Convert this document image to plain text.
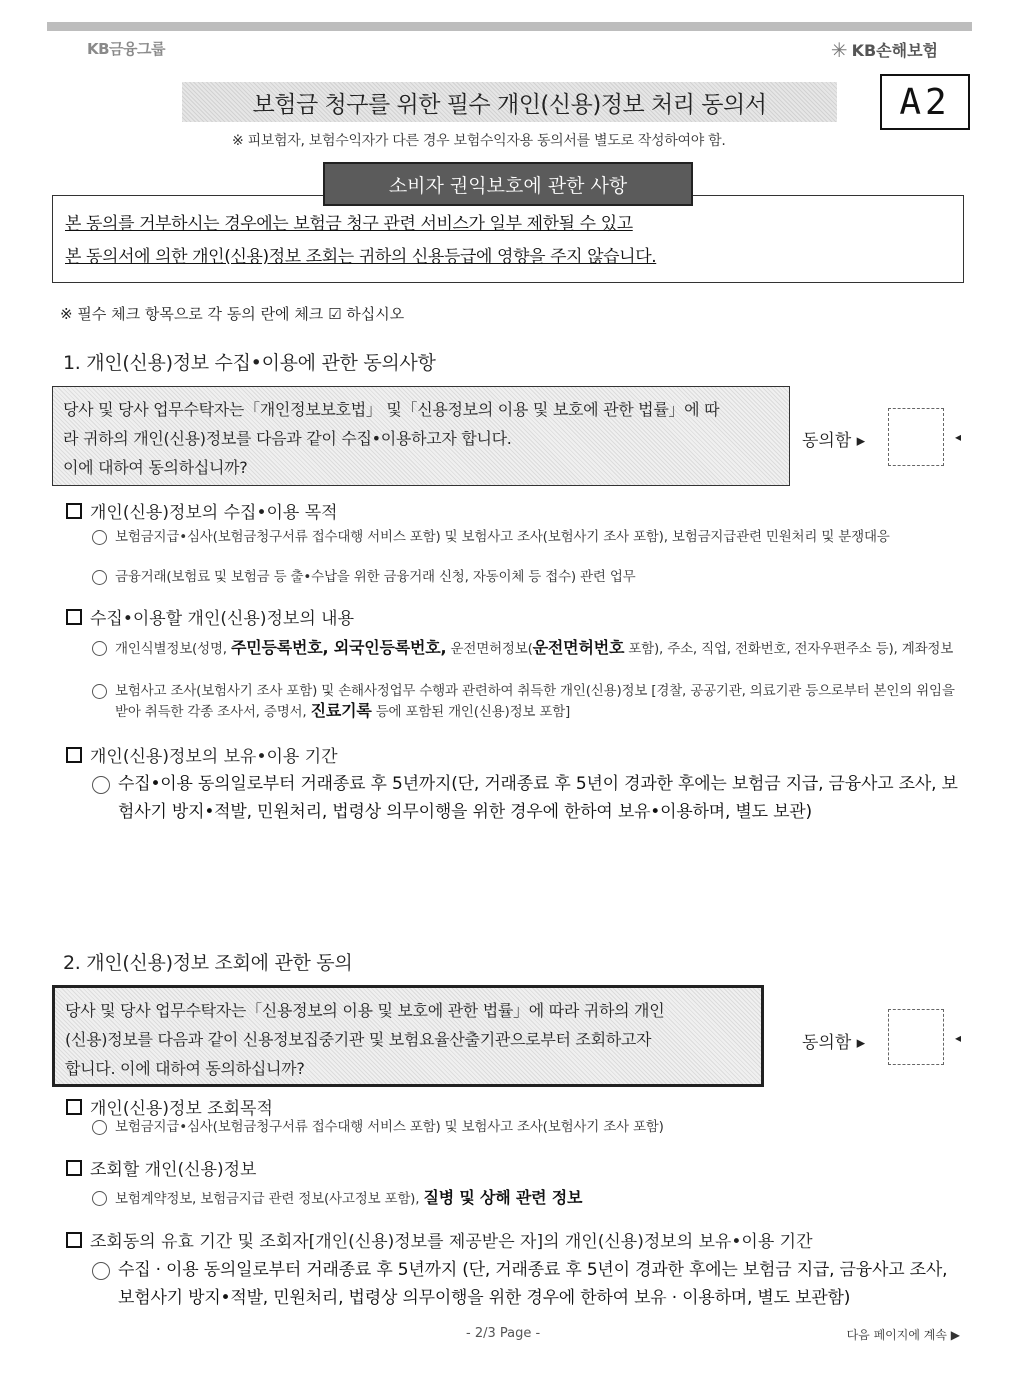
KB금융그룹	✳ KB손해보험
보험금 청구를 위한 필수 개인(신용)정보 처리 동의서	A2
※ 피보험자, 보험수익자가 다른 경우 보험수익자용 동의서를 별도로 작성하여야 함.
소비자 권익보호에 관한 사항
본 동의를 거부하시는 경우에는 보험금 청구 관련 서비스가 일부 제한될 수 있고
본 동의서에 의한 개인(신용)정보 조회는 귀하의 신용등급에 영향을 주지 않습니다.
※ 필수 체크 항목으로 각 동의 란에 체크 ☑ 하십시오
1. 개인(신용)정보 수집•이용에 관한 동의사항
당사 및 당사 업무수탁자는「개인정보보호법」 및「신용정보의 이용 및 보호에 관한 법률」에 따
라 귀하의 개인(신용)정보를 다음과 같이 수집•이용하고자 합니다.
이에 대하여 동의하십니까?
동의함 ▸	◂
개인(신용)정보의 수집•이용 목적
보험금지급•심사(보험금청구서류 접수대행 서비스 포함) 및 보험사고 조사(보험사기 조사 포함), 보험금지급관련 민원처리 및 분쟁대응
금융거래(보험료 및 보험금 등 출•수납을 위한 금융거래 신청, 자동이체 등 접수) 관련 업무
수집•이용할 개인(신용)정보의 내용
개인식별정보(성명, 주민등록번호, 외국인등록번호, 운전면허정보(운전면허번호 포함), 주소, 직업, 전화번호, 전자우편주소 등), 계좌정보
보험사고 조사(보험사기 조사 포함) 및 손해사정업무 수행과 관련하여 취득한 개인(신용)정보 [경찰, 공공기관, 의료기관 등으로부터 본인의 위임을 받아 취득한 각종 조사서, 증명서, 진료기록 등에 포함된 개인(신용)정보 포함]
개인(신용)정보의 보유•이용 기간
수집•이용 동의일로부터 거래종료 후 5년까지(단, 거래종료 후 5년이 경과한 후에는 보험금 지급, 금융사고 조사, 보험사기 방지•적발, 민원처리, 법령상 의무이행을 위한 경우에 한하여 보유•이용하며, 별도 보관)
2. 개인(신용)정보 조회에 관한 동의
당사 및 당사 업무수탁자는「신용정보의 이용 및 보호에 관한 법률」에 따라 귀하의 개인
(신용)정보를 다음과 같이 신용정보집중기관 및 보험요율산출기관으로부터 조회하고자
합니다. 이에 대하여 동의하십니까?
동의함 ▸	◂
개인(신용)정보 조회목적
보험금지급•심사(보험금청구서류 접수대행 서비스 포함) 및 보험사고 조사(보험사기 조사 포함)
조회할 개인(신용)정보
보험계약정보, 보험금지급 관련 정보(사고정보 포함), 질병 및 상해 관련 정보
조회동의 유효 기간 및 조회자[개인(신용)정보를 제공받은 자]의 개인(신용)정보의 보유•이용 기간
수집 · 이용 동의일로부터 거래종료 후 5년까지 (단, 거래종료 후 5년이 경과한 후에는 보험금 지급, 금융사고 조사, 보험사기 방지•적발, 민원처리, 법령상 의무이행을 위한 경우에 한하여 보유 · 이용하며, 별도 보관함)
- 2/3 Page -	다음 페이지에 계속 ▶
